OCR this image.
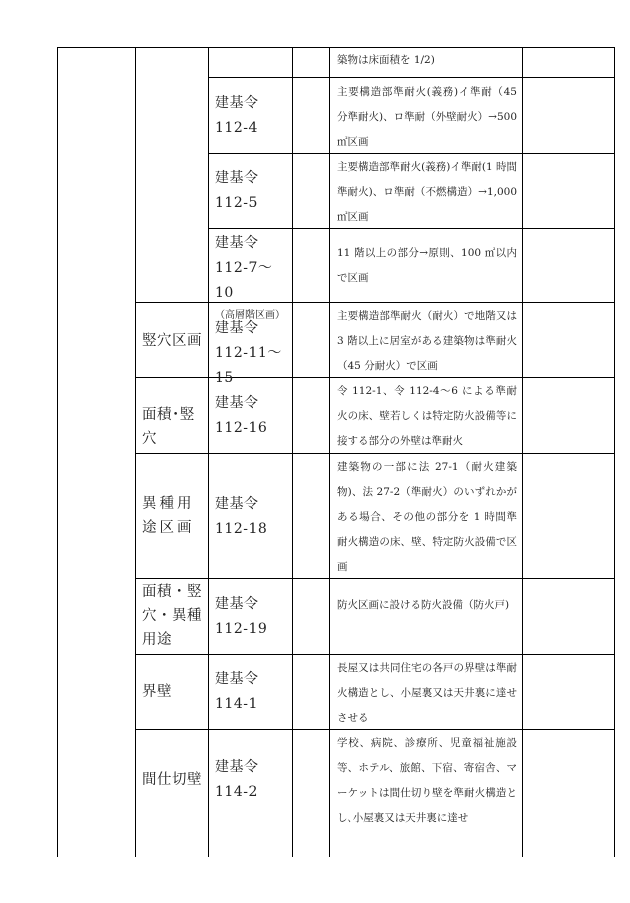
築物は床面積を 1/2)

建基令 112-4

主要構造部準耐火(義務)イ準耐（45 分準耐火)、ロ準耐（外壁耐火）→500 ㎡区画

建基令 112-5

主要構造部準耐火(義務)イ準耐(1 時間準耐火)、ロ準耐（不燃構造）→1,000 ㎡区画

建基令 112-7～10
（高層階区画）

11 階以上の部分→原則、100 ㎡以内で区画

竪穴区画
建基令 112-11～15

主要構造部準耐火（耐火）で地階又は 3 階以上に居室がある建築物は準耐火（45 分耐火）で区画

面積･竪穴
建基令 112-16

令 112-1、令 112-4～6 による準耐火の床、壁若しくは特定防火設備等に接する部分の外壁は準耐火

異種用途区画
建基令 112-18

建築物の一部に法 27-1（耐火建築物)、法 27-2（準耐火）のいずれかがある場合、その他の部分を 1 時間準耐火構造の床、壁、特定防火設備で区画

面積・竪穴・異種用途
建基令 112-19

防火区画に設ける防火設備（防火戸)

界壁
建基令 114-1

長屋又は共同住宅の各戸の界壁は準耐火構造とし、小屋裏又は天井裏に達せさせる

間仕切壁
建基令 114-2

学校、病院、診療所、児童福祉施設等、ホテル、旅館、下宿、寄宿舎、マーケットは間仕切り壁を準耐火構造とし､小屋裏又は天井裏に達せ
